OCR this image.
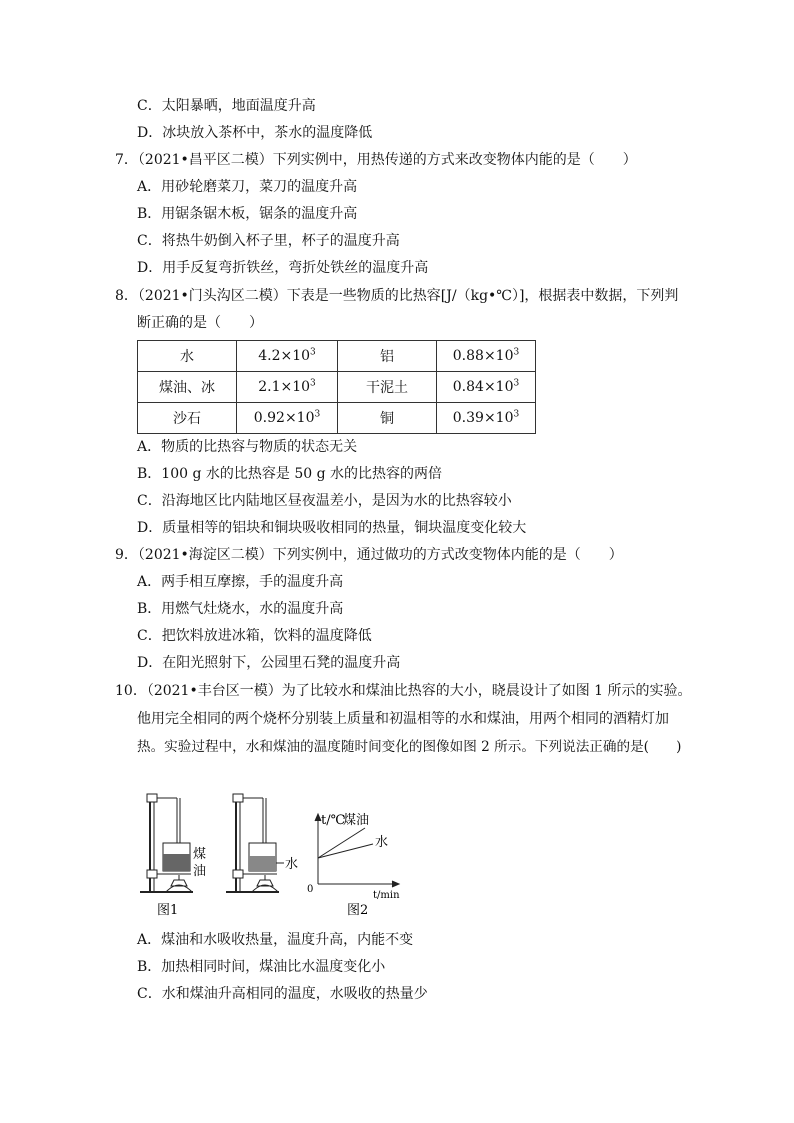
C．太阳暴晒，地面温度升高
D．冰块放入茶杯中，茶水的温度降低
7．（2021•昌平区二模）下列实例中，用热传递的方式来改变物体内能的是（　　）
A．用砂轮磨菜刀，菜刀的温度升高
B．用锯条锯木板，锯条的温度升高
C．将热牛奶倒入杯子里，杯子的温度升高
D．用手反复弯折铁丝，弯折处铁丝的温度升高
8．（2021•门头沟区二模）下表是一些物质的比热容[J/（kg•℃）]，根据表中数据，下列判
断正确的是（　　）
水	$4.2\times 10^3$	铝	$0.88\times 10^3$
煤油、冰	$2.1\times 10^3$	干泥土	$0.84\times 10^3$
沙石	$0.92\times 10^3$	铜	$0.39\times 10^3$
A．物质的比热容与物质的状态无关
B．100 g 水的比热容是 50 g 水的比热容的两倍
C．沿海地区比内陆地区昼夜温差小，是因为水的比热容较小
D．质量相等的铝块和铜块吸收相同的热量，铜块温度变化较大
9．（2021•海淀区二模）下列实例中，通过做功的方式改变物体内能的是（　　）
A．两手相互摩擦，手的温度升高
B．用燃气灶烧水，水的温度升高
C．把饮料放进冰箱，饮料的温度降低
D．在阳光照射下，公园里石凳的温度升高
10．（2021•丰台区一模）为了比较水和煤油比热容的大小，晓晨设计了如图 1 所示的实验。
他用完全相同的两个烧杯分别装上质量和初温相等的水和煤油，用两个相同的酒精灯加
热。实验过程中，水和煤油的温度随时间变化的图像如图 2 所示。下列说法正确的是(　　)
煤
油
图1
水
t/℃
煤油
水
0
t/min
图2
A．煤油和水吸收热量，温度升高，内能不变
B．加热相同时间，煤油比水温度变化小
C．水和煤油升高相同的温度，水吸收的热量少
